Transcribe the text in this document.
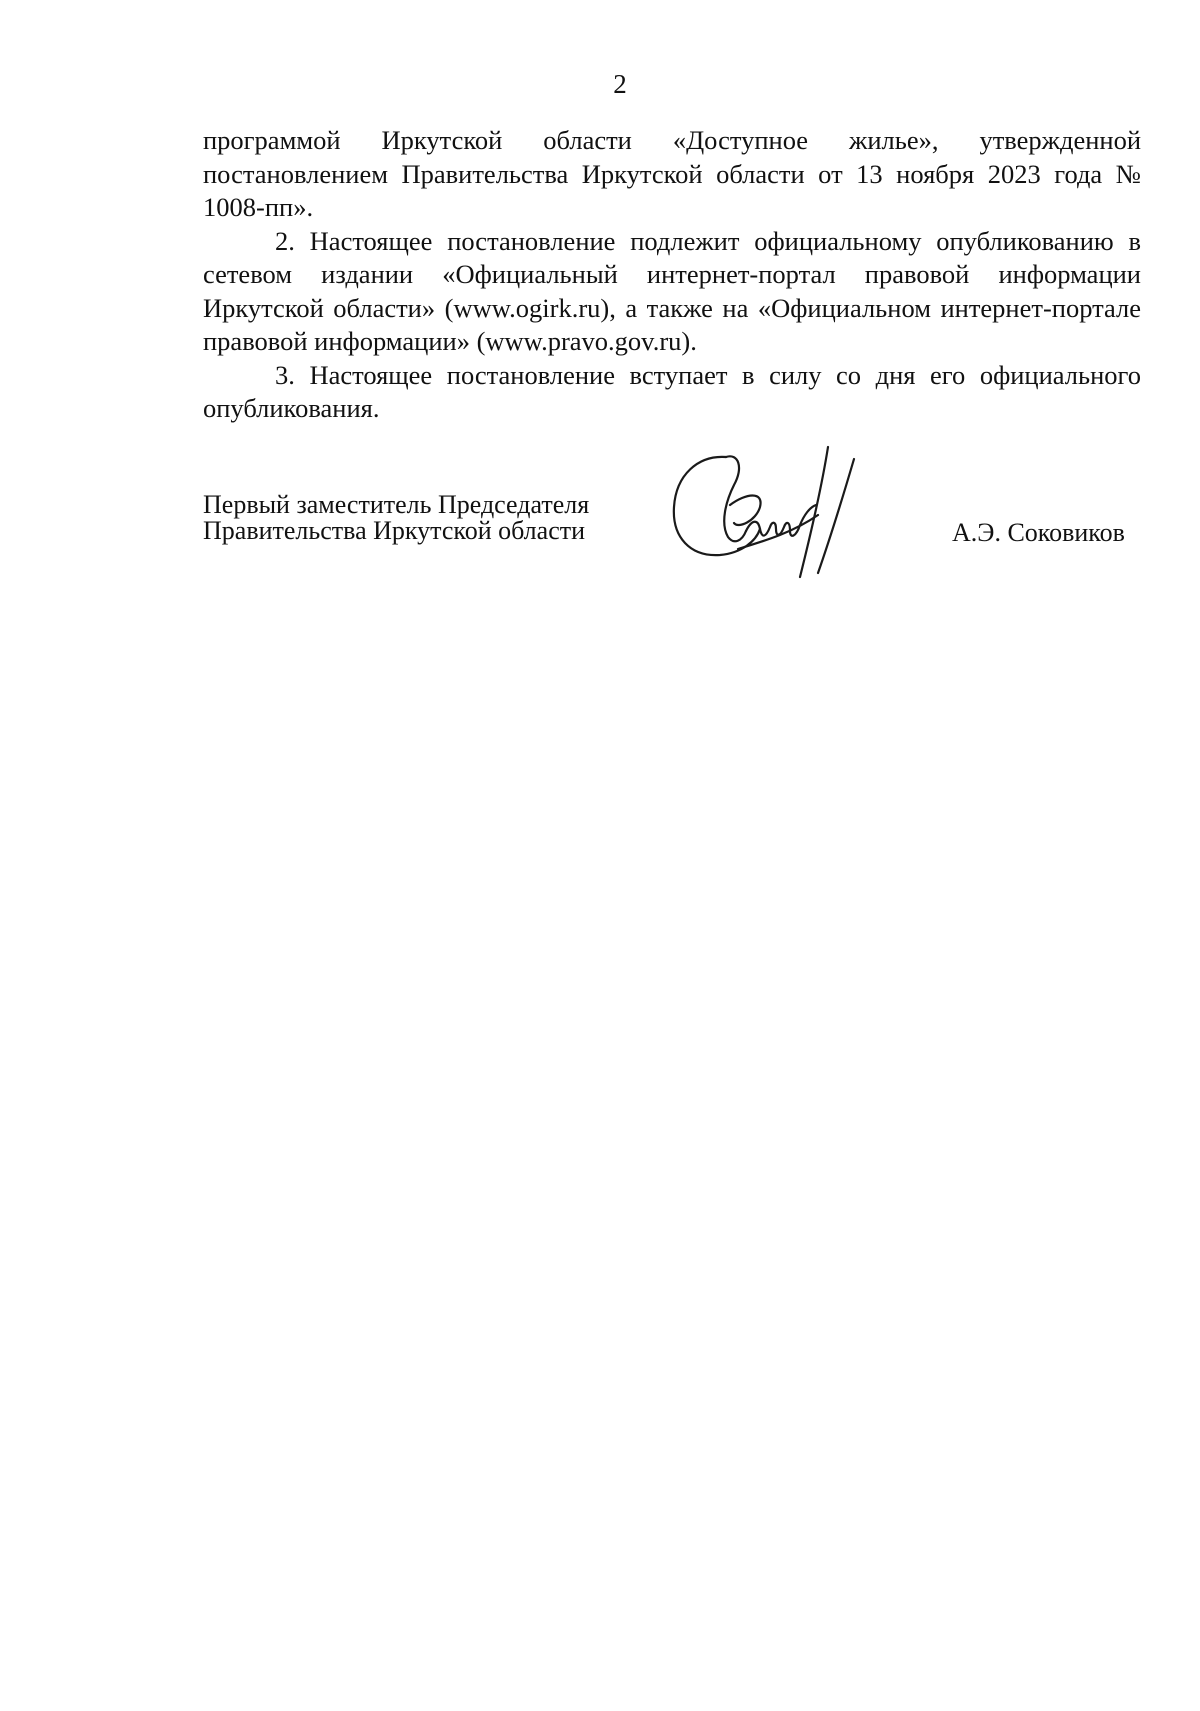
2

программой Иркутской области «Доступное жилье», утвержденной постановлением Правительства Иркутской области от 13 ноября 2023 года № 1008-пп».

2. Настоящее постановление подлежит официальному опубликованию в сетевом издании «Официальный интернет-портал правовой информации Иркутской области» (www.ogirk.ru), а также на «Официальном интернет-портале правовой информации» (www.pravo.gov.ru).

3. Настоящее постановление вступает в силу со дня его официального опубликования.

Первый заместитель Председателя
Правительства Иркутской области	А.Э. Соковиков
